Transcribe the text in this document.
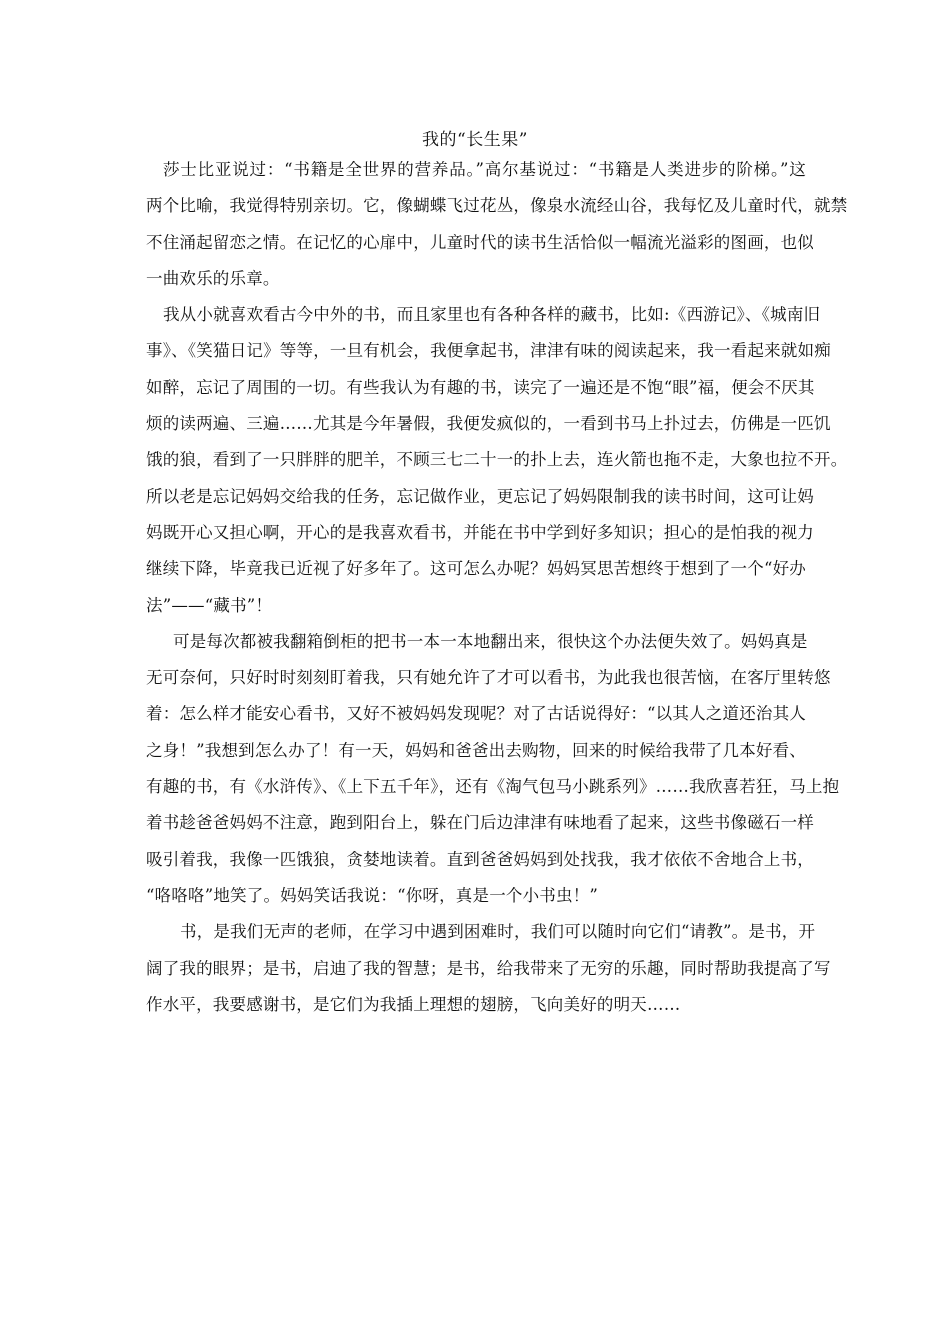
我的“长生果”
莎士比亚说过：“书籍是全世界的营养品。”高尔基说过：“书籍是人类进步的阶梯。”这
两个比喻，我觉得特别亲切。它，像蝴蝶飞过花丛，像泉水流经山谷，我每忆及儿童时代，就禁
不住涌起留恋之情。在记忆的心扉中，儿童时代的读书生活恰似一幅流光溢彩的图画，也似
一曲欢乐的乐章。
我从小就喜欢看古今中外的书，而且家里也有各种各样的藏书，比如:《西游记》、《城南旧
事》、《笑猫日记》等等，一旦有机会，我便拿起书，津津有味的阅读起来，我一看起来就如痴
如醉，忘记了周围的一切。有些我认为有趣的书，读完了一遍还是不饱“眼”福，便会不厌其
烦的读两遍、三遍……尤其是今年暑假，我便发疯似的，一看到书马上扑过去，仿佛是一匹饥
饿的狼，看到了一只胖胖的肥羊，不顾三七二十一的扑上去，连火箭也拖不走，大象也拉不开。
所以老是忘记妈妈交给我的任务，忘记做作业，更忘记了妈妈限制我的读书时间，这可让妈
妈既开心又担心啊，开心的是我喜欢看书，并能在书中学到好多知识；担心的是怕我的视力
继续下降，毕竟我已近视了好多年了。这可怎么办呢？妈妈冥思苦想终于想到了一个“好办
法”——“藏书”！
可是每次都被我翻箱倒柜的把书一本一本地翻出来，很快这个办法便失效了。妈妈真是
无可奈何，只好时时刻刻盯着我，只有她允许了才可以看书，为此我也很苦恼，在客厅里转悠
着：怎么样才能安心看书，又好不被妈妈发现呢？对了古话说得好：“以其人之道还治其人
之身！”我想到怎么办了！有一天，妈妈和爸爸出去购物，回来的时候给我带了几本好看、
有趣的书，有《水浒传》、《上下五千年》，还有《淘气包马小跳系列》……我欣喜若狂，马上抱
着书趁爸爸妈妈不注意，跑到阳台上，躲在门后边津津有味地看了起来，这些书像磁石一样
吸引着我，我像一匹饿狼，贪婪地读着。直到爸爸妈妈到处找我，我才依依不舍地合上书，
“咯咯咯”地笑了。妈妈笑话我说：“你呀，真是一个小书虫！”
书，是我们无声的老师，在学习中遇到困难时，我们可以随时向它们“请教”。是书，开
阔了我的眼界；是书，启迪了我的智慧；是书，给我带来了无穷的乐趣，同时帮助我提高了写
作水平，我要感谢书，是它们为我插上理想的翅膀，飞向美好的明天……
